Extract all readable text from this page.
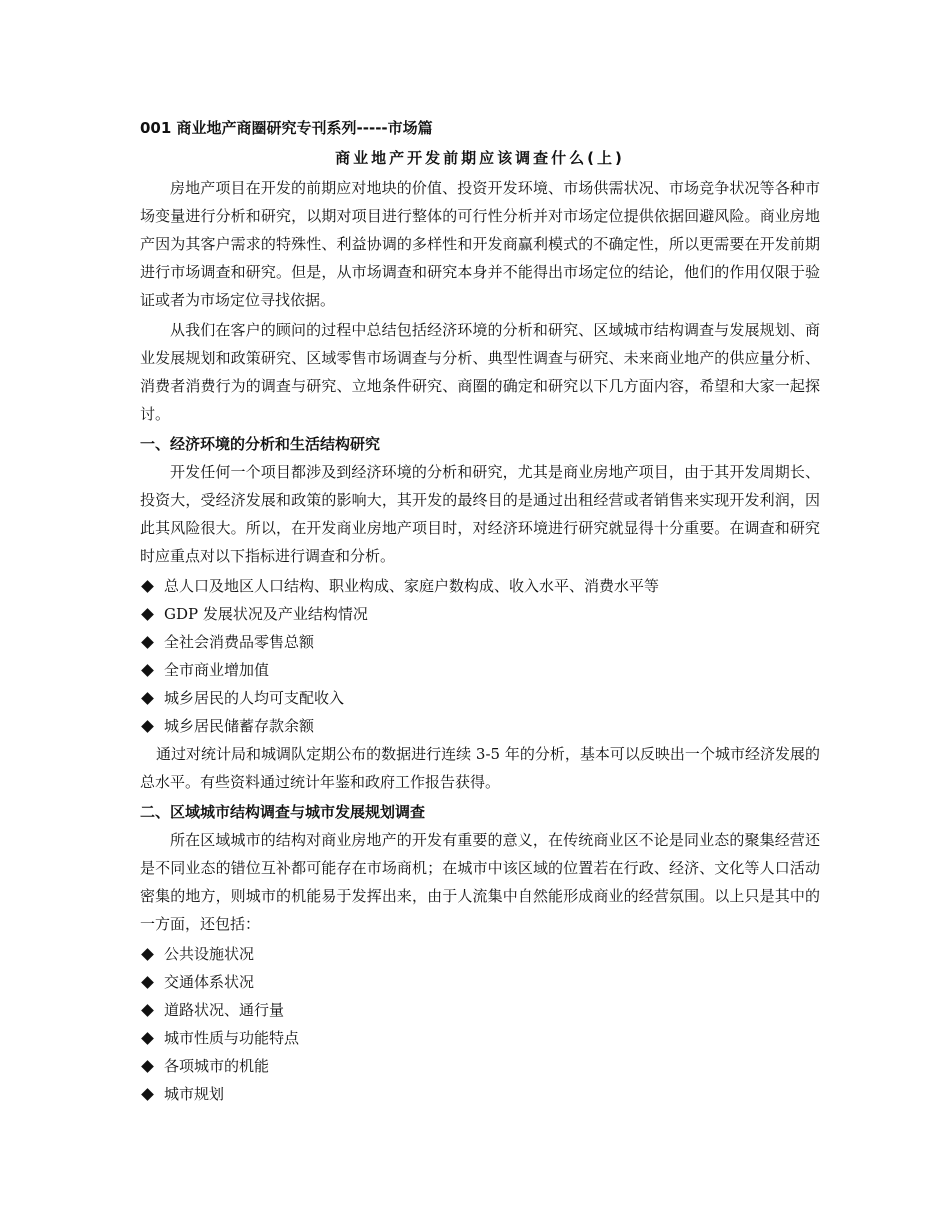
001 商业地产商圈研究专刊系列-----市场篇

商业地产开发前期应该调查什么(上)

房地产项目在开发的前期应对地块的价值、投资开发环境、市场供需状况、市场竞争状况等各种市场变量进行分析和研究，以期对项目进行整体的可行性分析并对市场定位提供依据回避风险。商业房地产因为其客户需求的特殊性、利益协调的多样性和开发商赢利模式的不确定性，所以更需要在开发前期进行市场调查和研究。但是，从市场调查和研究本身并不能得出市场定位的结论，他们的作用仅限于验证或者为市场定位寻找依据。

从我们在客户的顾问的过程中总结包括经济环境的分析和研究、区域城市结构调查与发展规划、商业发展规划和政策研究、区域零售市场调查与分析、典型性调查与研究、未来商业地产的供应量分析、消费者消费行为的调查与研究、立地条件研究、商圈的确定和研究以下几方面内容，希望和大家一起探讨。

一、经济环境的分析和生活结构研究

开发任何一个项目都涉及到经济环境的分析和研究，尤其是商业房地产项目，由于其开发周期长、投资大，受经济发展和政策的影响大，其开发的最终目的是通过出租经营或者销售来实现开发利润，因此其风险很大。所以，在开发商业房地产项目时，对经济环境进行研究就显得十分重要。在调查和研究时应重点对以下指标进行调查和分析。

总人口及地区人口结构、职业构成、家庭户数构成、收入水平、消费水平等
GDP 发展状况及产业结构情况
全社会消费品零售总额
全市商业增加值
城乡居民的人均可支配收入
城乡居民储蓄存款余额

通过对统计局和城调队定期公布的数据进行连续 3-5 年的分析，基本可以反映出一个城市经济发展的总水平。有些资料通过统计年鉴和政府工作报告获得。

二、区域城市结构调查与城市发展规划调查

所在区域城市的结构对商业房地产的开发有重要的意义，在传统商业区不论是同业态的聚集经营还是不同业态的错位互补都可能存在市场商机；在城市中该区域的位置若在行政、经济、文化等人口活动密集的地方，则城市的机能易于发挥出来，由于人流集中自然能形成商业的经营氛围。以上只是其中的一方面，还包括：

公共设施状况
交通体系状况
道路状况、通行量
城市性质与功能特点
各项城市的机能
城市规划
